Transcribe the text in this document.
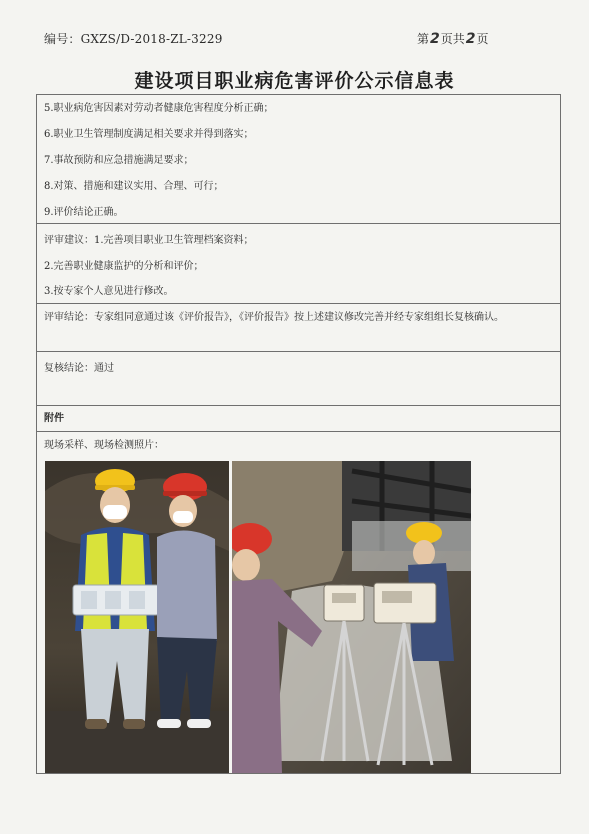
编号：GXZS/D-2018-ZL-3229	第2页共2页
建设项目职业病危害评价公示信息表
5.职业病危害因素对劳动者健康危害程度分析正确；
6.职业卫生管理制度满足相关要求并得到落实；
7.事故预防和应急措施满足要求；
8.对策、措施和建议实用、合理、可行；
9.评价结论正确。
评审建议：1.完善项目职业卫生管理档案资料；
2.完善职业健康监护的分析和评价；
3.按专家个人意见进行修改。
评审结论：专家组同意通过该《评价报告》，《评价报告》按上述建议修改完善并经专家组组长复核确认。
复核结论：通过
附件
现场采样、现场检测照片：
